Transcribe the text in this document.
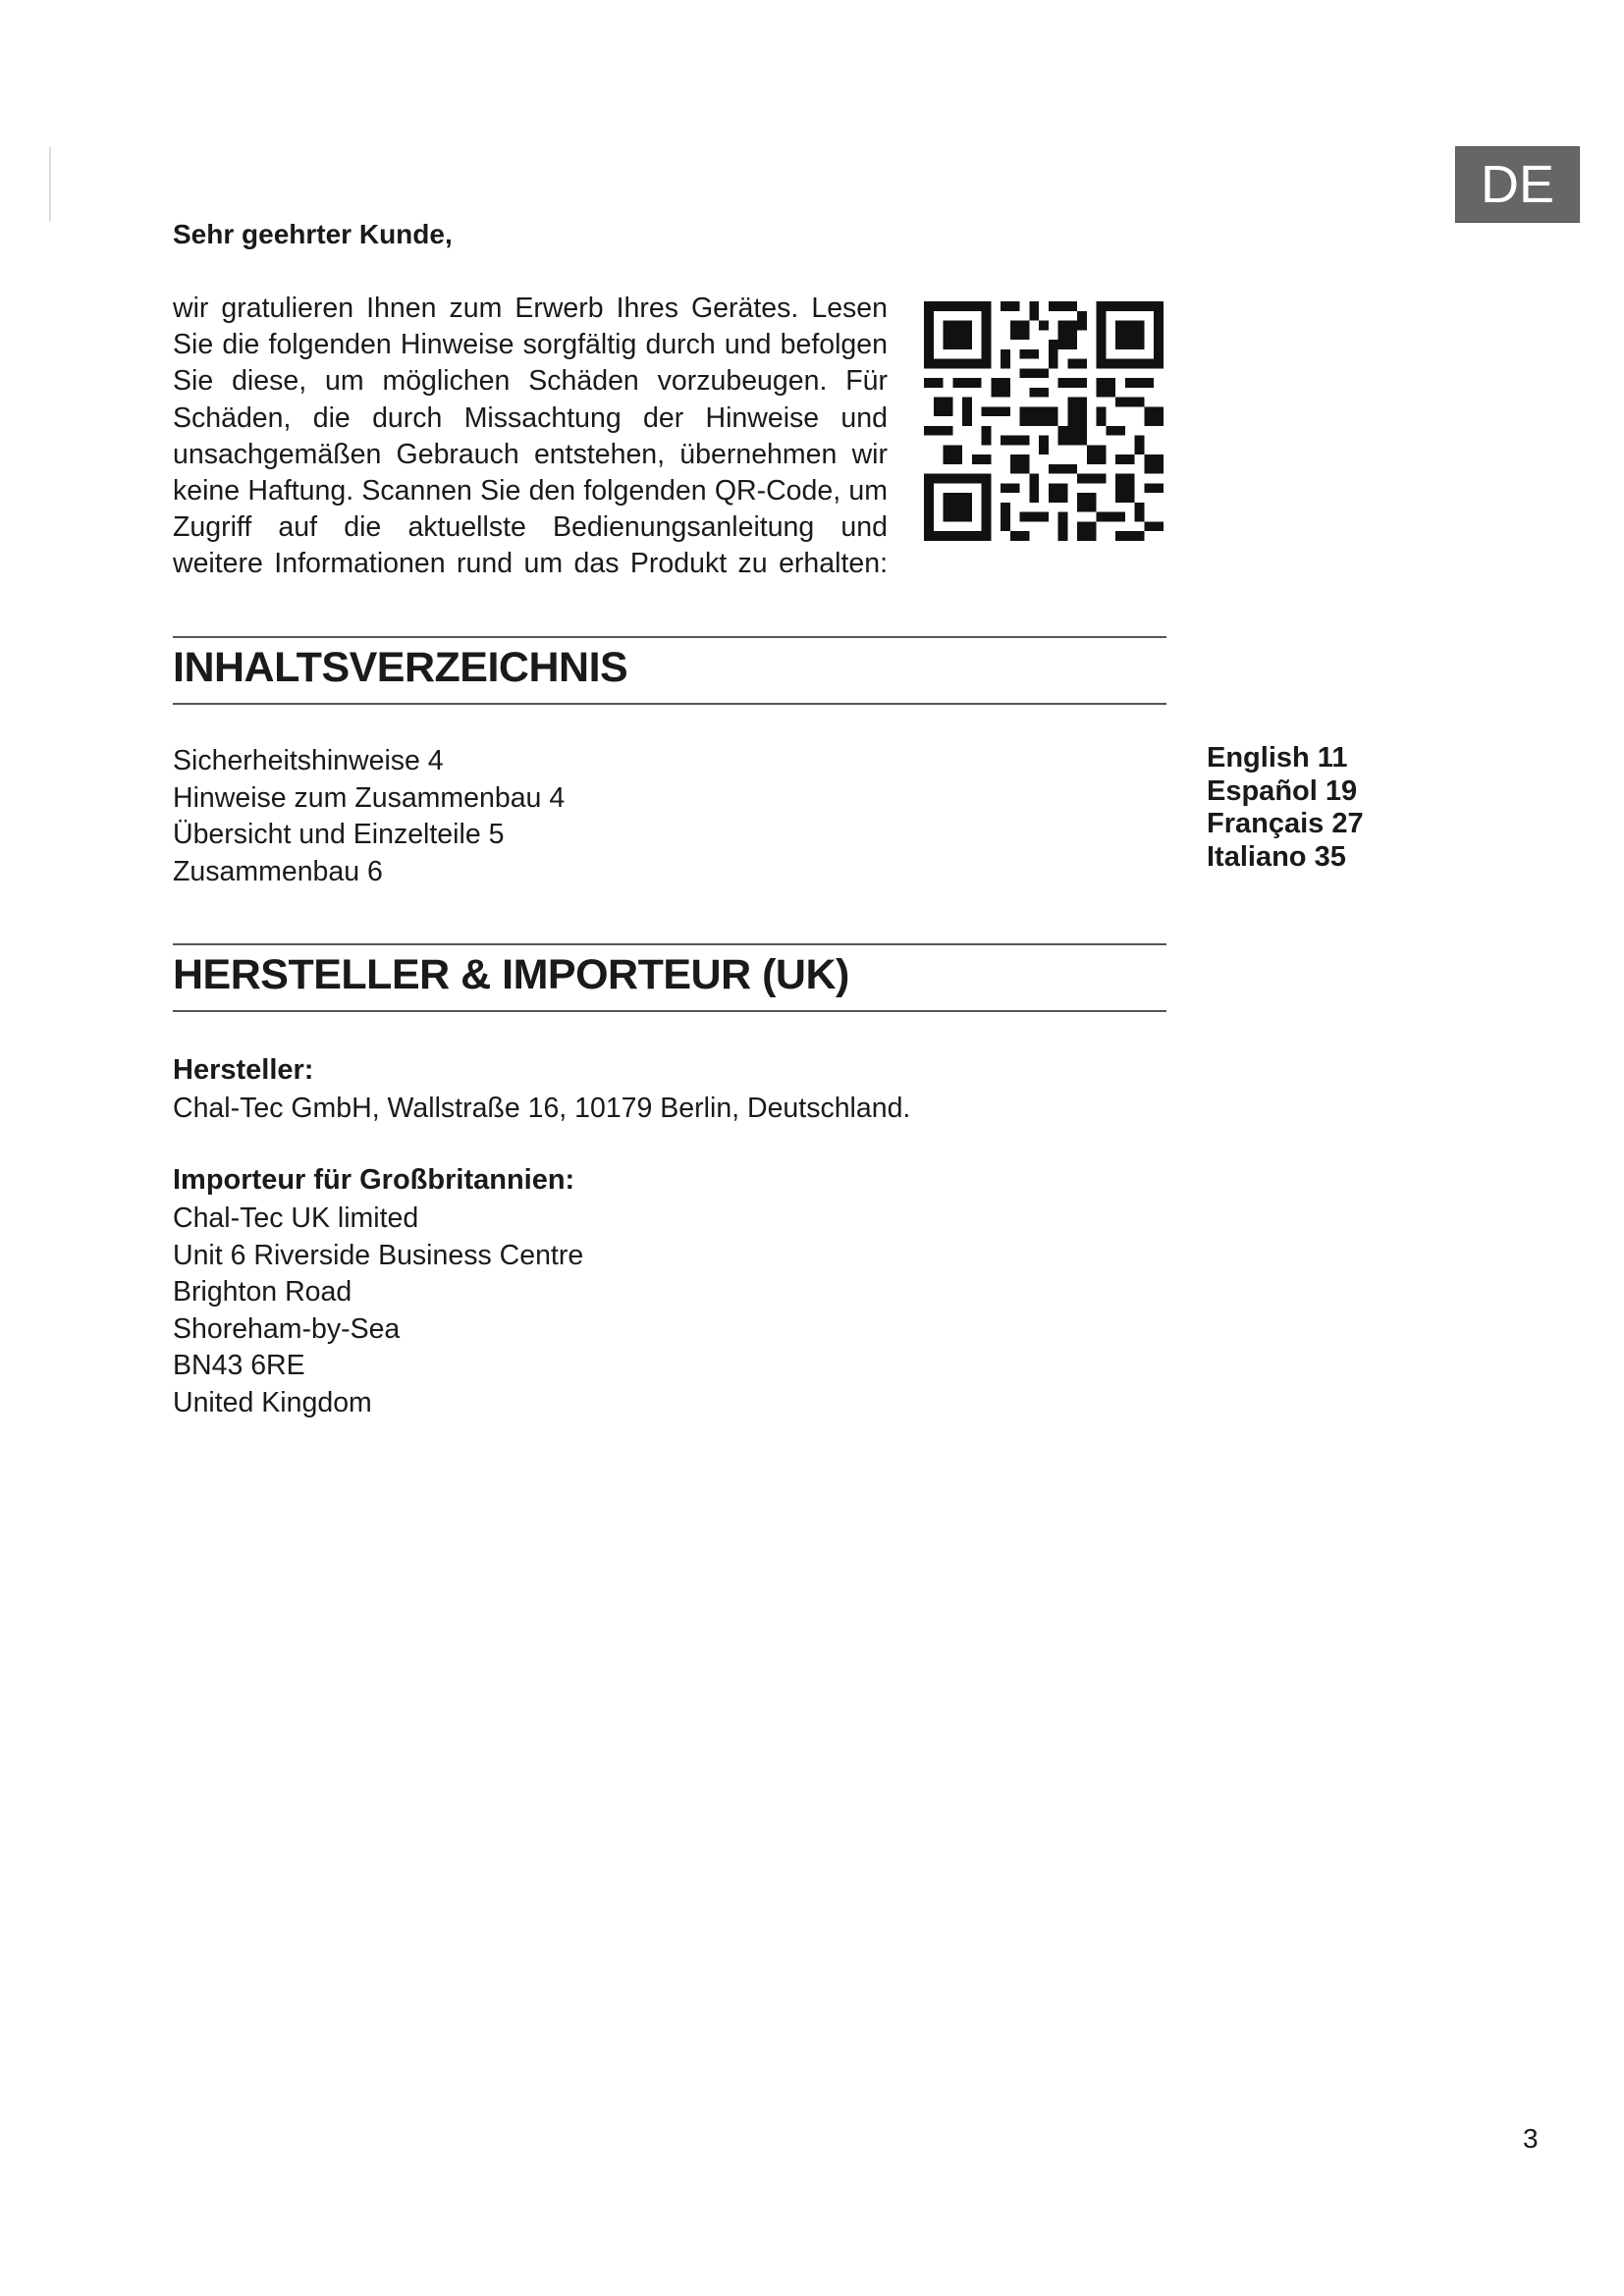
DE
Sehr geehrter Kunde,
wir gratulieren Ihnen zum Erwerb Ihres Gerätes. Lesen Sie die folgenden Hinweise sorgfältig durch und befolgen Sie diese, um möglichen Schäden vorzubeugen. Für Schäden, die durch Missachtung der Hinweise und unsachgemäßen Gebrauch entstehen, übernehmen wir keine Haftung. Scannen Sie den folgenden QR-Code, um Zugriff auf die aktuellste Bedienungsanleitung und weitere Informationen rund um das Produkt zu erhalten:
INHALTSVERZEICHNIS
Sicherheitshinweise 4
Hinweise zum Zusammenbau 4
Übersicht und Einzelteile 5
Zusammenbau 6
English 11
Español 19
Français 27
Italiano 35
HERSTELLER & IMPORTEUR (UK)
Hersteller:
Chal-Tec GmbH, Wallstraße 16, 10179 Berlin, Deutschland.
Importeur für Großbritannien:
Chal-Tec UK limited
Unit 6 Riverside Business Centre
Brighton Road
Shoreham-by-Sea
BN43 6RE
United Kingdom
3
